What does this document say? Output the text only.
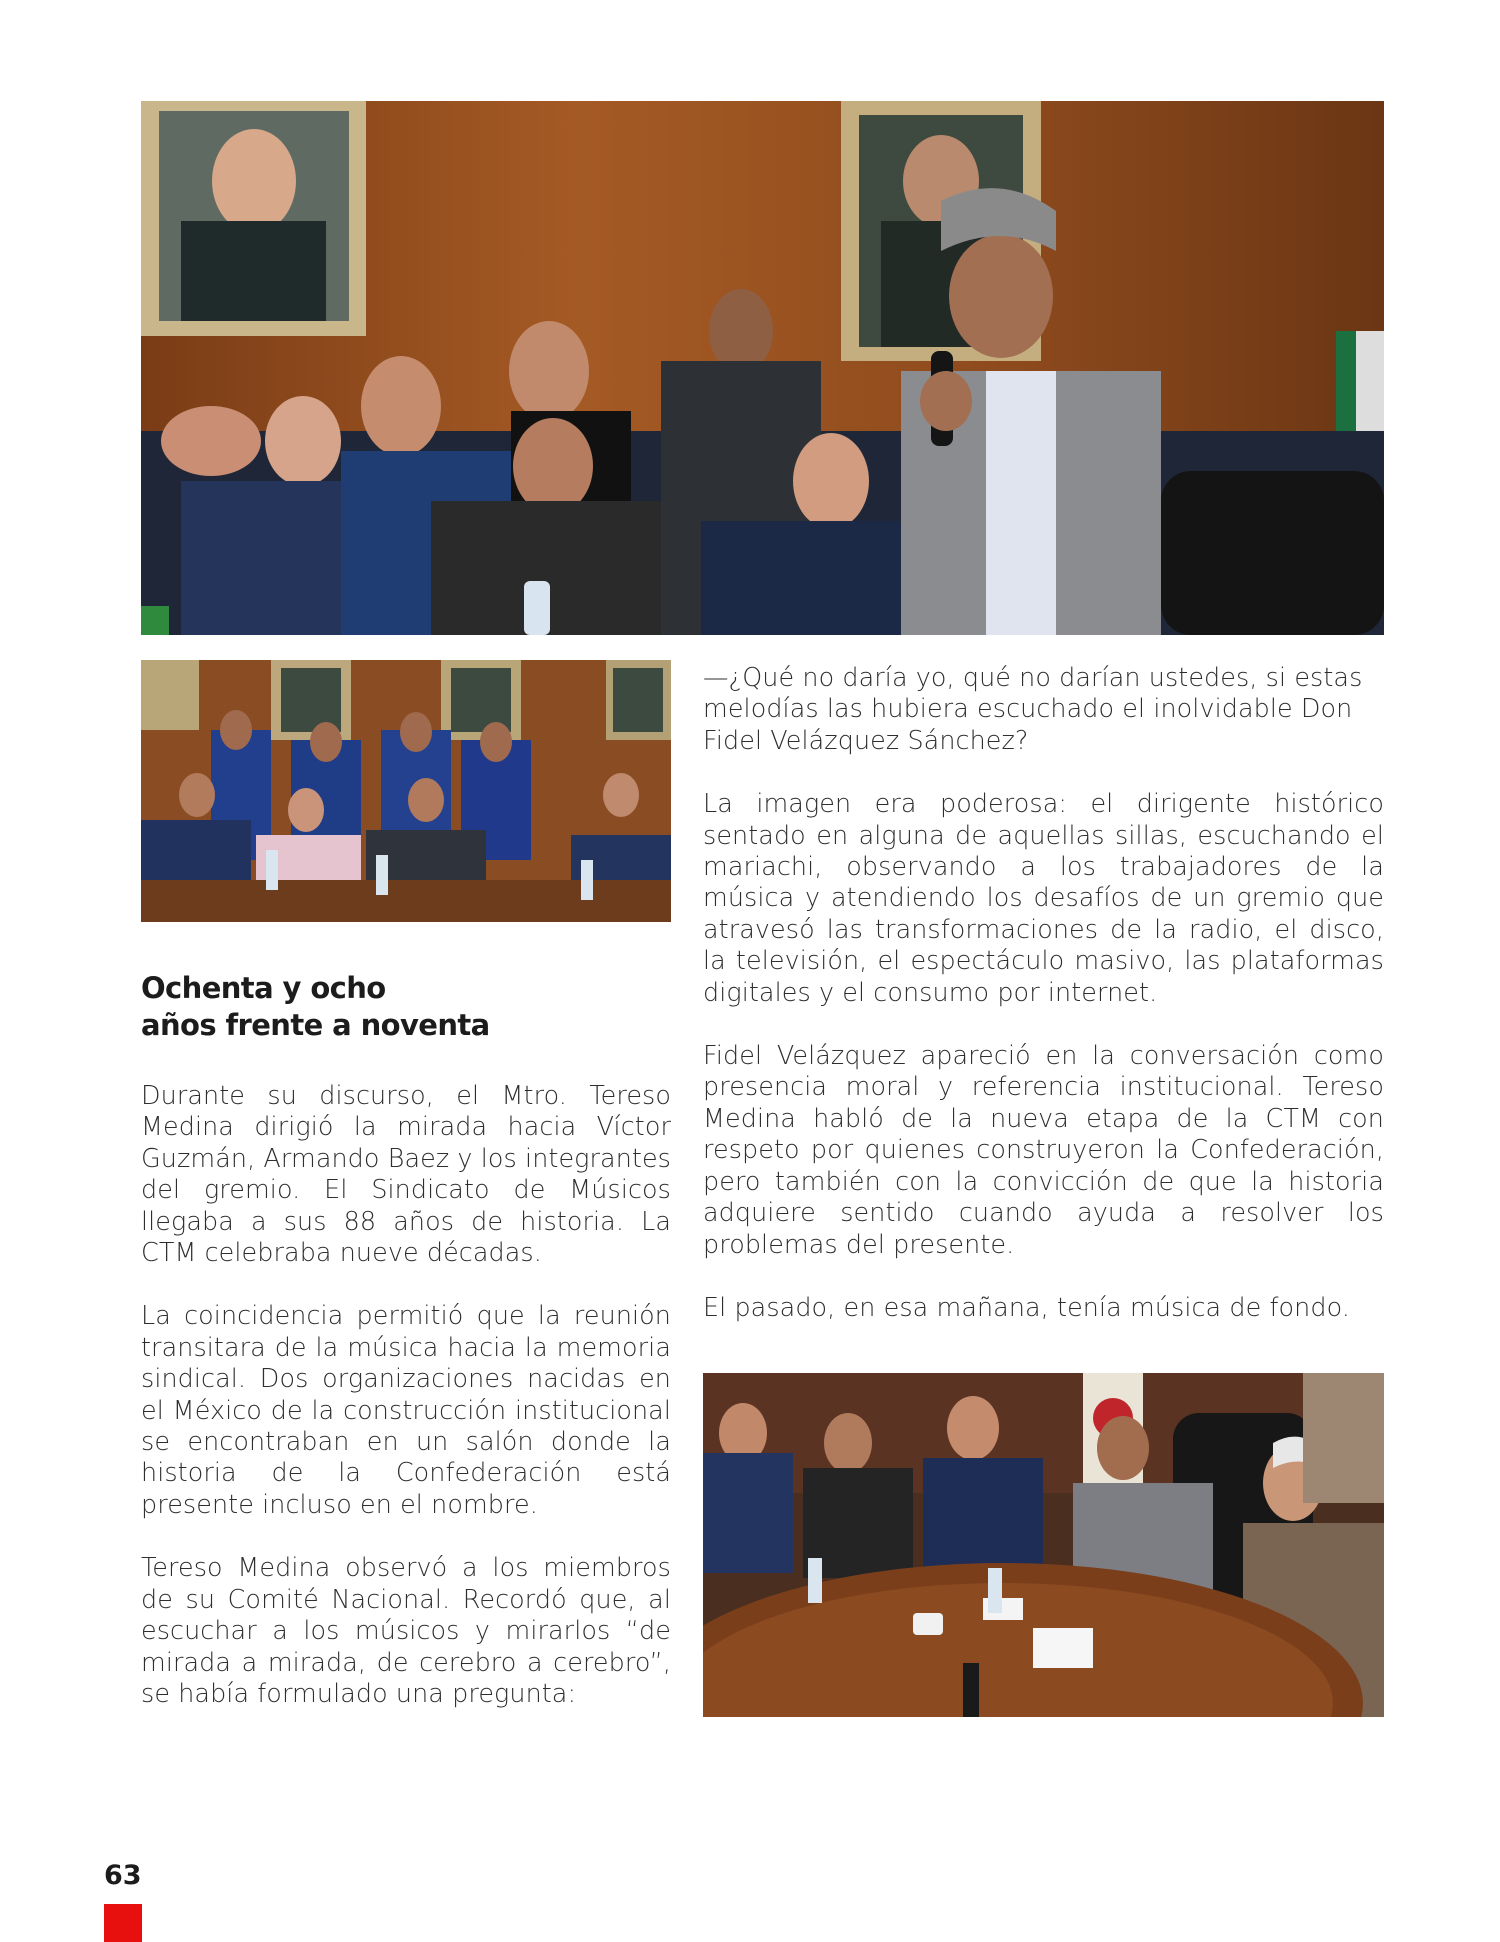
Ochenta y ocho
años frente a noventa

Durante su discurso, el Mtro. Tereso Medina dirigió la mirada hacia Víctor Guzmán, Armando Baez y los integrantes del gremio. El Sindicato de Músicos llegaba a sus 88 años de historia. La CTM celebraba nueve décadas.

La coincidencia permitió que la reunión transitara de la música hacia la memoria sindical. Dos organizaciones nacidas en el México de la construcción institucional se encontraban en un salón donde la historia de la Confederación está presente incluso en el nombre.

Tereso Medina observó a los miembros de su Comité Nacional. Recordó que, al escuchar a los músicos y mirarlos “de mirada a mirada, de cerebro a cerebro”, se había formulado una pregunta:

—¿Qué no daría yo, qué no darían ustedes, si estas melodías las hubiera escuchado el inolvidable Don Fidel Velázquez Sánchez?

La imagen era poderosa: el dirigente histórico sentado en alguna de aquellas sillas, escuchando el mariachi, observando a los trabajadores de la música y atendiendo los desafíos de un gremio que atravesó las transformaciones de la radio, el disco, la televisión, el espectáculo masivo, las plataformas digitales y el consumo por internet.

Fidel Velázquez apareció en la conversación como presencia moral y referencia institucional. Tereso Medina habló de la nueva etapa de la CTM con respeto por quienes construyeron la Confederación, pero también con la convicción de que la historia adquiere sentido cuando ayuda a resolver los problemas del presente.

El pasado, en esa mañana, tenía música de fondo.

63
